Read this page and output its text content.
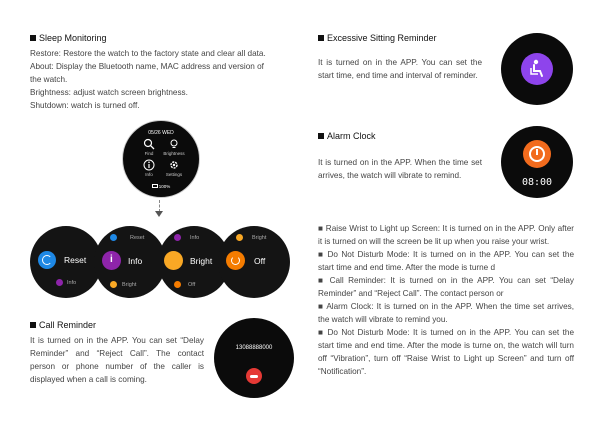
Sleep Monitoring
Restore: Restore the watch to the factory state and clear all data.
About: Display the Bluetooth name, MAC address and version of
the watch.
Brightness: adjust watch screen brightness.
Shutdown: watch is turned off.
05/26 WED
Find	Brightness
Info	Settings
100%
Reset
Info
Reset
i Info
Bright
Info
Bright
Off
Bright
Off
Call Reminder
It is turned on in the APP. You can set “Delay Reminder” and “Reject Call”. The contact person or phone number of the caller is displayed when a call is coming.
13088888000
Excessive Sitting Reminder
It is turned on in the APP. You can set the start time, end time and interval of reminder.
Alarm Clock
It is turned on in the APP. When the time set arrives, the watch will vibrate to remind.
08:00
■ Raise Wrist to Light up Screen: It is turned on in the APP. Only after it is turned on will the screen be lit up when you raise your wrist.
■ Do Not Disturb Mode: It is turned on in the APP. You can set the start time and end time. After the mode is turne d
■ Call Reminder: It is turned on in the APP. You can set “Delay Reminder” and “Reject Call”. The contact person or
■ Alarm Clock: It is turned on in the APP. When the time set arrives, the watch will vibrate to remind you.
■ Do Not Disturb Mode: It is turned on in the APP. You can set the start time and end time. After the mode is turne on, the watch will turn off “Vibration”, turn off “Raise Wrist to Light up Screen” and turn off “Notification”.
